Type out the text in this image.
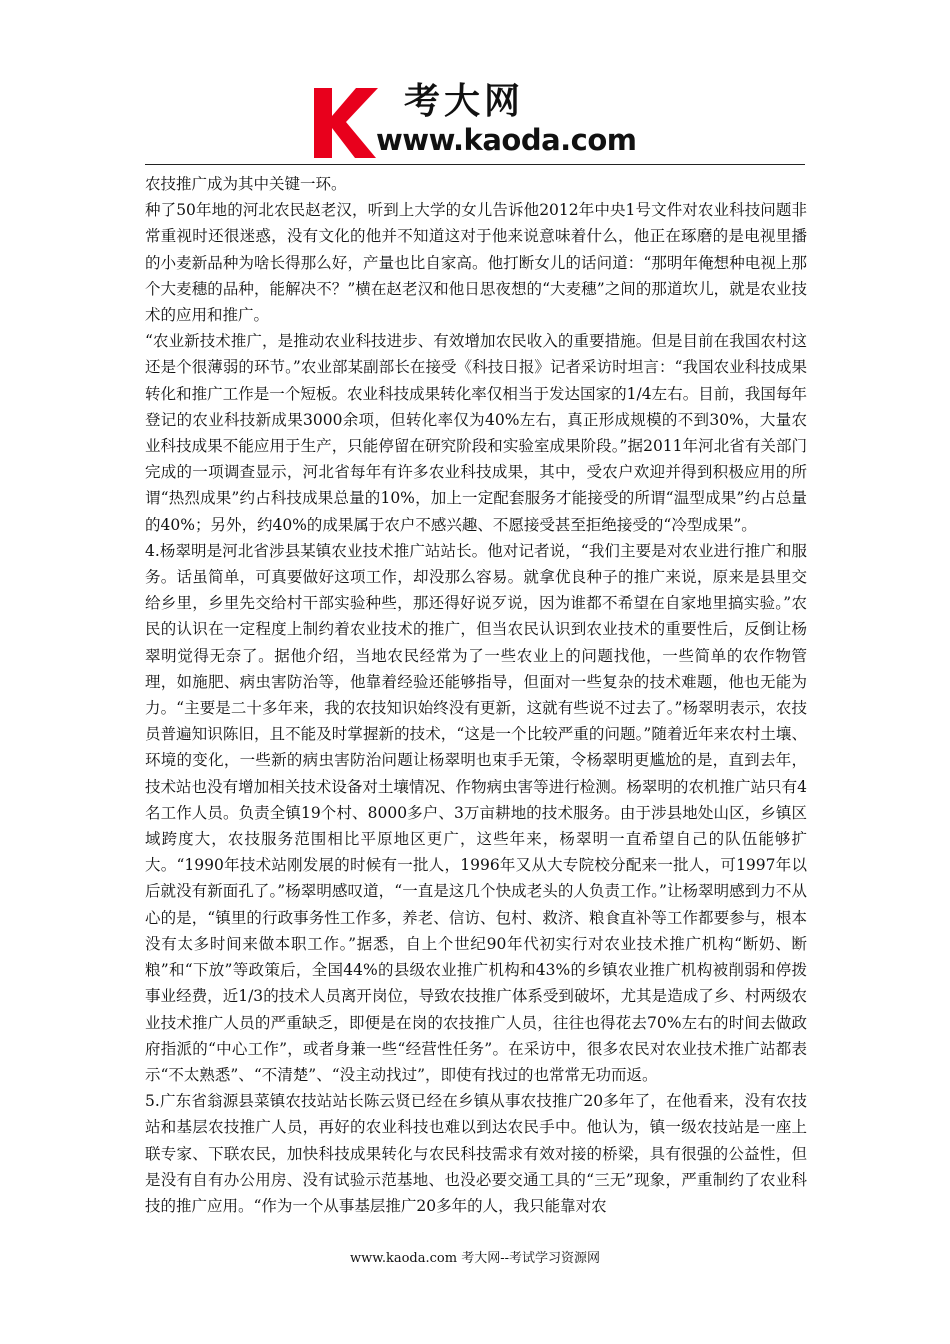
考大网
www.kaoda.com

农技推广成为其中关键一环。

种了50年地的河北农民赵老汉，听到上大学的女儿告诉他2012年中央1号文件对农业科技问题非常重视时还很迷惑，没有文化的他并不知道这对于他来说意味着什么，他正在琢磨的是电视里播的小麦新品种为啥长得那么好，产量也比自家高。他打断女儿的话问道：“那明年俺想种电视上那个大麦穗的品种，能解决不？”横在赵老汉和他日思夜想的“大麦穗”之间的那道坎儿，就是农业技术的应用和推广。

“农业新技术推广，是推动农业科技进步、有效增加农民收入的重要措施。但是目前在我国农村这还是个很薄弱的环节。”农业部某副部长在接受《科技日报》记者采访时坦言：“我国农业科技成果转化和推广工作是一个短板。农业科技成果转化率仅相当于发达国家的1/4左右。目前，我国每年登记的农业科技新成果3000余项，但转化率仅为40%左右，真正形成规模的不到30%，大量农业科技成果不能应用于生产，只能停留在研究阶段和实验室成果阶段。”据2011年河北省有关部门完成的一项调查显示，河北省每年有许多农业科技成果，其中，受农户欢迎并得到积极应用的所谓“热烈成果”约占科技成果总量的10%，加上一定配套服务才能接受的所谓“温型成果”约占总量的40%；另外，约40%的成果属于农户不感兴趣、不愿接受甚至拒绝接受的“冷型成果”。

4.杨翠明是河北省涉县某镇农业技术推广站站长。他对记者说，“我们主要是对农业进行推广和服务。话虽简单，可真要做好这项工作，却没那么容易。就拿优良种子的推广来说，原来是县里交给乡里，乡里先交给村干部实验种些，那还得好说歹说，因为谁都不希望在自家地里搞实验。”农民的认识在一定程度上制约着农业技术的推广，但当农民认识到农业技术的重要性后，反倒让杨翠明觉得无奈了。据他介绍，当地农民经常为了一些农业上的问题找他，一些简单的农作物管理，如施肥、病虫害防治等，他靠着经验还能够指导，但面对一些复杂的技术难题，他也无能为力。“主要是二十多年来，我的农技知识始终没有更新，这就有些说不过去了。”杨翠明表示，农技员普遍知识陈旧，且不能及时掌握新的技术，“这是一个比较严重的问题。”随着近年来农村土壤、环境的变化，一些新的病虫害防治问题让杨翠明也束手无策，令杨翠明更尴尬的是，直到去年，技术站也没有增加相关技术设备对土壤情况、作物病虫害等进行检测。杨翠明的农机推广站只有4名工作人员。负责全镇19个村、8000多户、3万亩耕地的技术服务。由于涉县地处山区，乡镇区域跨度大，农技服务范围相比平原地区更广，这些年来，杨翠明一直希望自己的队伍能够扩大。“1990年技术站刚发展的时候有一批人，1996年又从大专院校分配来一批人，可1997年以后就没有新面孔了。”杨翠明感叹道，“一直是这几个快成老头的人负责工作。”让杨翠明感到力不从心的是，“镇里的行政事务性工作多，养老、信访、包村、救济、粮食直补等工作都要参与，根本没有太多时间来做本职工作。”据悉，自上个世纪90年代初实行对农业技术推广机构“断奶、断粮”和“下放”等政策后，全国44%的县级农业推广机构和43%的乡镇农业推广机构被削弱和停拨事业经费，近1/3的技术人员离开岗位，导致农技推广体系受到破坏，尤其是造成了乡、村两级农业技术推广人员的严重缺乏，即便是在岗的农技推广人员，往往也得花去70%左右的时间去做政府指派的“中心工作”，或者身兼一些“经营性任务”。在采访中，很多农民对农业技术推广站都表示“不太熟悉”、“不清楚”、“没主动找过”，即使有找过的也常常无功而返。

5.广东省翁源县菜镇农技站站长陈云贤已经在乡镇从事农技推广20多年了，在他看来，没有农技站和基层农技推广人员，再好的农业科技也难以到达农民手中。他认为，镇一级农技站是一座上联专家、下联农民，加快科技成果转化与农民科技需求有效对接的桥梁，具有很强的公益性，但是没有自有办公用房、没有试验示范基地、也没必要交通工具的“三无”现象，严重制约了农业科技的推广应用。“作为一个从事基层推广20多年的人，我只能靠对农

www.kaoda.com 考大网--考试学习资源网
